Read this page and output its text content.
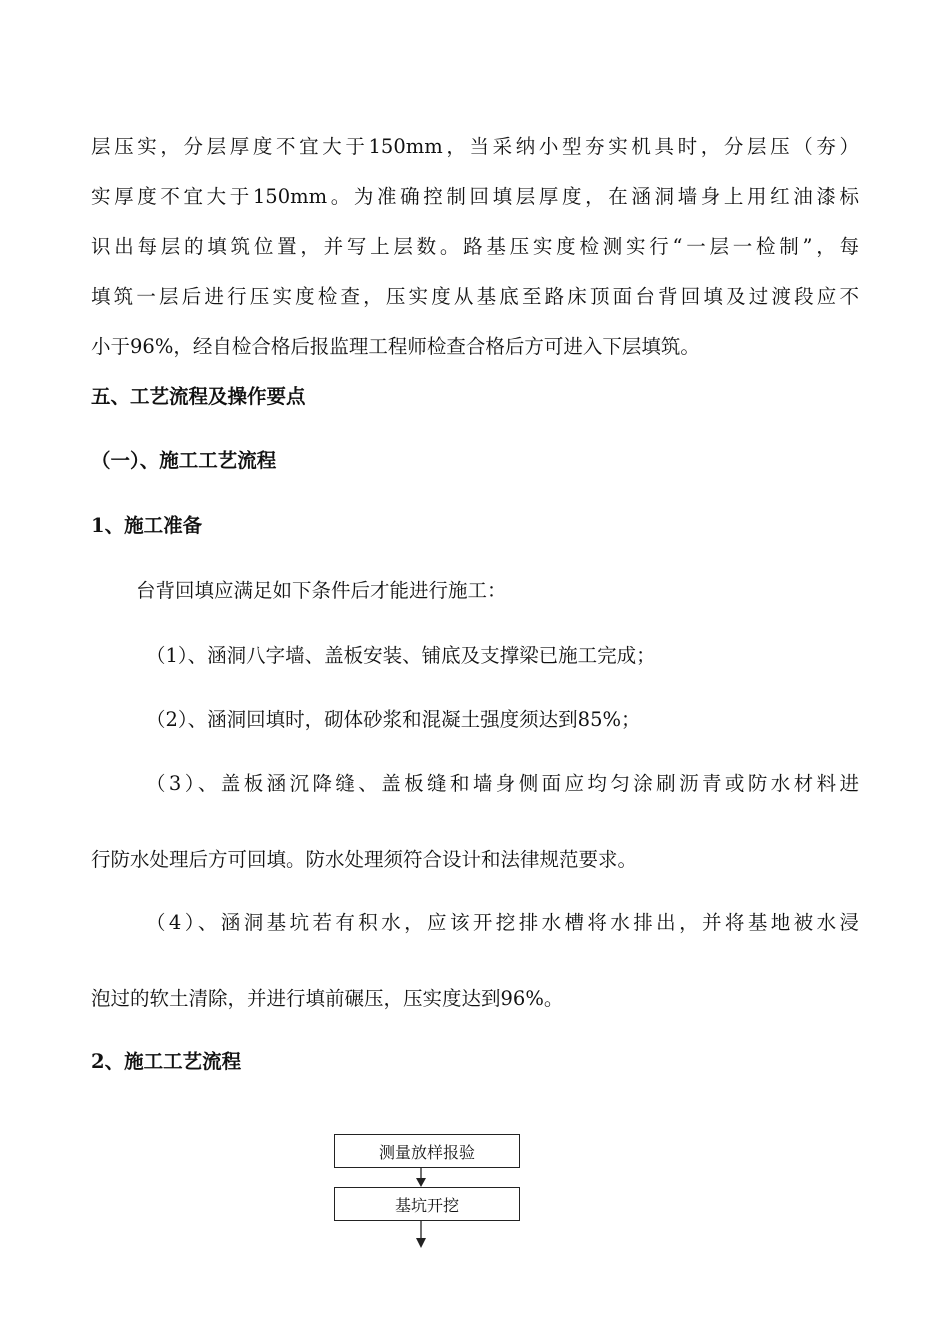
层压实，分层厚度不宜大于150mm，当采纳小型夯实机具时，分层压（夯）
实厚度不宜大于150mm。为准确控制回填层厚度，在涵洞墙身上用红油漆标
识出每层的填筑位置，并写上层数。路基压实度检测实行“一层一检制”，每
填筑一层后进行压实度检查，压实度从基底至路床顶面台背回填及过渡段应不
小于96%，经自检合格后报监理工程师检查合格后方可进入下层填筑。
五、工艺流程及操作要点
（一）、施工工艺流程
1、施工准备
台背回填应满足如下条件后才能进行施工：
（1）、涵洞八字墙、盖板安装、铺底及支撑梁已施工完成；
（2）、涵洞回填时，砌体砂浆和混凝土强度须达到85%；
（3）、盖板涵沉降缝、盖板缝和墙身侧面应均匀涂刷沥青或防水材料进
行防水处理后方可回填。防水处理须符合设计和法律规范要求。
（4）、涵洞基坑若有积水，应该开挖排水槽将水排出，并将基地被水浸
泡过的软土清除，并进行填前碾压，压实度达到96%。
2、施工工艺流程
测量放样报验
基坑开挖
